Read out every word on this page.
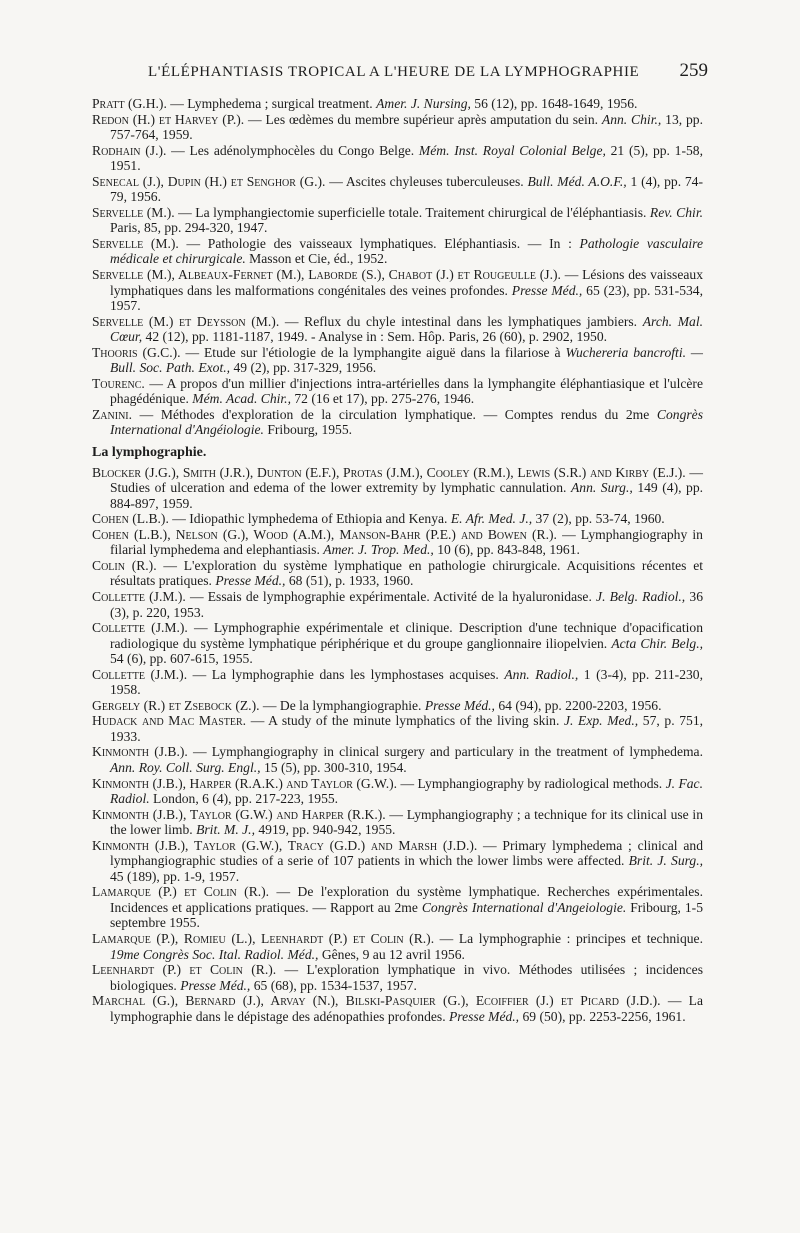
L'ÉLÉPHANTIASIS TROPICAL A L'HEURE DE LA LYMPHOGRAPHIE 259

Pratt (G.H.). — Lymphedema ; surgical treatment. Amer. J. Nursing, 56 (12), pp. 1648-1649, 1956.

Redon (H.) et Harvey (P.). — Les œdèmes du membre supérieur après amputation du sein. Ann. Chir., 13, pp. 757-764, 1959.

Rodhain (J.). — Les adénolymphocèles du Congo Belge. Mém. Inst. Royal Colonial Belge, 21 (5), pp. 1-58, 1951.

Senecal (J.), Dupin (H.) et Senghor (G.). — Ascites chyleuses tuberculeuses. Bull. Méd. A.O.F., 1 (4), pp. 74-79, 1956.

Servelle (M.). — La lymphangiectomie superficielle totale. Traitement chirurgical de l'éléphantiasis. Rev. Chir. Paris, 85, pp. 294-320, 1947.

Servelle (M.). — Pathologie des vaisseaux lymphatiques. Eléphantiasis. — In : Pathologie vasculaire médicale et chirurgicale. Masson et Cie, éd., 1952.

Servelle (M.), Albeaux-Fernet (M.), Laborde (S.), Chabot (J.) et Rougeulle (J.). — Lésions des vaisseaux lymphatiques dans les malformations congénitales des veines profondes. Presse Méd., 65 (23), pp. 531-534, 1957.

Servelle (M.) et Deysson (M.). — Reflux du chyle intestinal dans les lymphatiques jambiers. Arch. Mal. Cœur, 42 (12), pp. 1181-1187, 1949. - Analyse in : Sem. Hôp. Paris, 26 (60), p. 2902, 1950.

Thooris (G.C.). — Etude sur l'étiologie de la lymphangite aiguë dans la filariose à Wuchereria bancrofti. — Bull. Soc. Path. Exot., 49 (2), pp. 317-329, 1956.

Tourenc. — A propos d'un millier d'injections intra-artérielles dans la lymphangite éléphantiasique et l'ulcère phagédénique. Mém. Acad. Chir., 72 (16 et 17), pp. 275-276, 1946.

Zanini. — Méthodes d'exploration de la circulation lymphatique. — Comptes rendus du 2me Congrès International d'Angéiologie. Fribourg, 1955.

La lymphographie.

Blocker (J.G.), Smith (J.R.), Dunton (E.F.), Protas (J.M.), Cooley (R.M.), Lewis (S.R.) and Kirby (E.J.). — Studies of ulceration and edema of the lower extremity by lymphatic cannulation. Ann. Surg., 149 (4), pp. 884-897, 1959.

Cohen (L.B.). — Idiopathic lymphedema of Ethiopia and Kenya. E. Afr. Med. J., 37 (2), pp. 53-74, 1960.

Cohen (L.B.), Nelson (G.), Wood (A.M.), Manson-Bahr (P.E.) and Bowen (R.). — Lymphangiography in filarial lymphedema and elephantiasis. Amer. J. Trop. Med., 10 (6), pp. 843-848, 1961.

Colin (R.). — L'exploration du système lymphatique en pathologie chirurgicale. Acquisitions récentes et résultats pratiques. Presse Méd., 68 (51), p. 1933, 1960.

Collette (J.M.). — Essais de lymphographie expérimentale. Activité de la hyaluronidase. J. Belg. Radiol., 36 (3), p. 220, 1953.

Collette (J.M.). — Lymphographie expérimentale et clinique. Description d'une technique d'opacification radiologique du système lymphatique périphérique et du groupe ganglionnaire iliopelvien. Acta Chir. Belg., 54 (6), pp. 607-615, 1955.

Collette (J.M.). — La lymphographie dans les lymphostases acquises. Ann. Radiol., 1 (3-4), pp. 211-230, 1958.

Gergely (R.) et Zsebock (Z.). — De la lymphangiographie. Presse Méd., 64 (94), pp. 2200-2203, 1956.

Hudack and Mac Master. — A study of the minute lymphatics of the living skin. J. Exp. Med., 57, p. 751, 1933.

Kinmonth (J.B.). — Lymphangiography in clinical surgery and particulary in the treatment of lymphedema. Ann. Roy. Coll. Surg. Engl., 15 (5), pp. 300-310, 1954.

Kinmonth (J.B.), Harper (R.A.K.) and Taylor (G.W.). — Lymphangiography by radiological methods. J. Fac. Radiol. London, 6 (4), pp. 217-223, 1955.

Kinmonth (J.B.), Taylor (G.W.) and Harper (R.K.). — Lymphangiography ; a technique for its clinical use in the lower limb. Brit. M. J., 4919, pp. 940-942, 1955.

Kinmonth (J.B.), Taylor (G.W.), Tracy (G.D.) and Marsh (J.D.). — Primary lymphedema ; clinical and lymphangiographic studies of a serie of 107 patients in which the lower limbs were affected. Brit. J. Surg., 45 (189), pp. 1-9, 1957.

Lamarque (P.) et Colin (R.). — De l'exploration du système lymphatique. Recherches expérimentales. Incidences et applications pratiques. — Rapport au 2me Congrès International d'Angeiologie. Fribourg, 1-5 septembre 1955.

Lamarque (P.), Romieu (L.), Leenhardt (P.) et Colin (R.). — La lymphographie : principes et technique. 19me Congrès Soc. Ital. Radiol. Méd., Gênes, 9 au 12 avril 1956.

Leenhardt (P.) et Colin (R.). — L'exploration lymphatique in vivo. Méthodes utilisées ; incidences biologiques. Presse Méd., 65 (68), pp. 1534-1537, 1957.

Marchal (G.), Bernard (J.), Arvay (N.), Bilski-Pasquier (G.), Ecoiffier (J.) et Picard (J.D.). — La lymphographie dans le dépistage des adénopathies profondes. Presse Méd., 69 (50), pp. 2253-2256, 1961.
